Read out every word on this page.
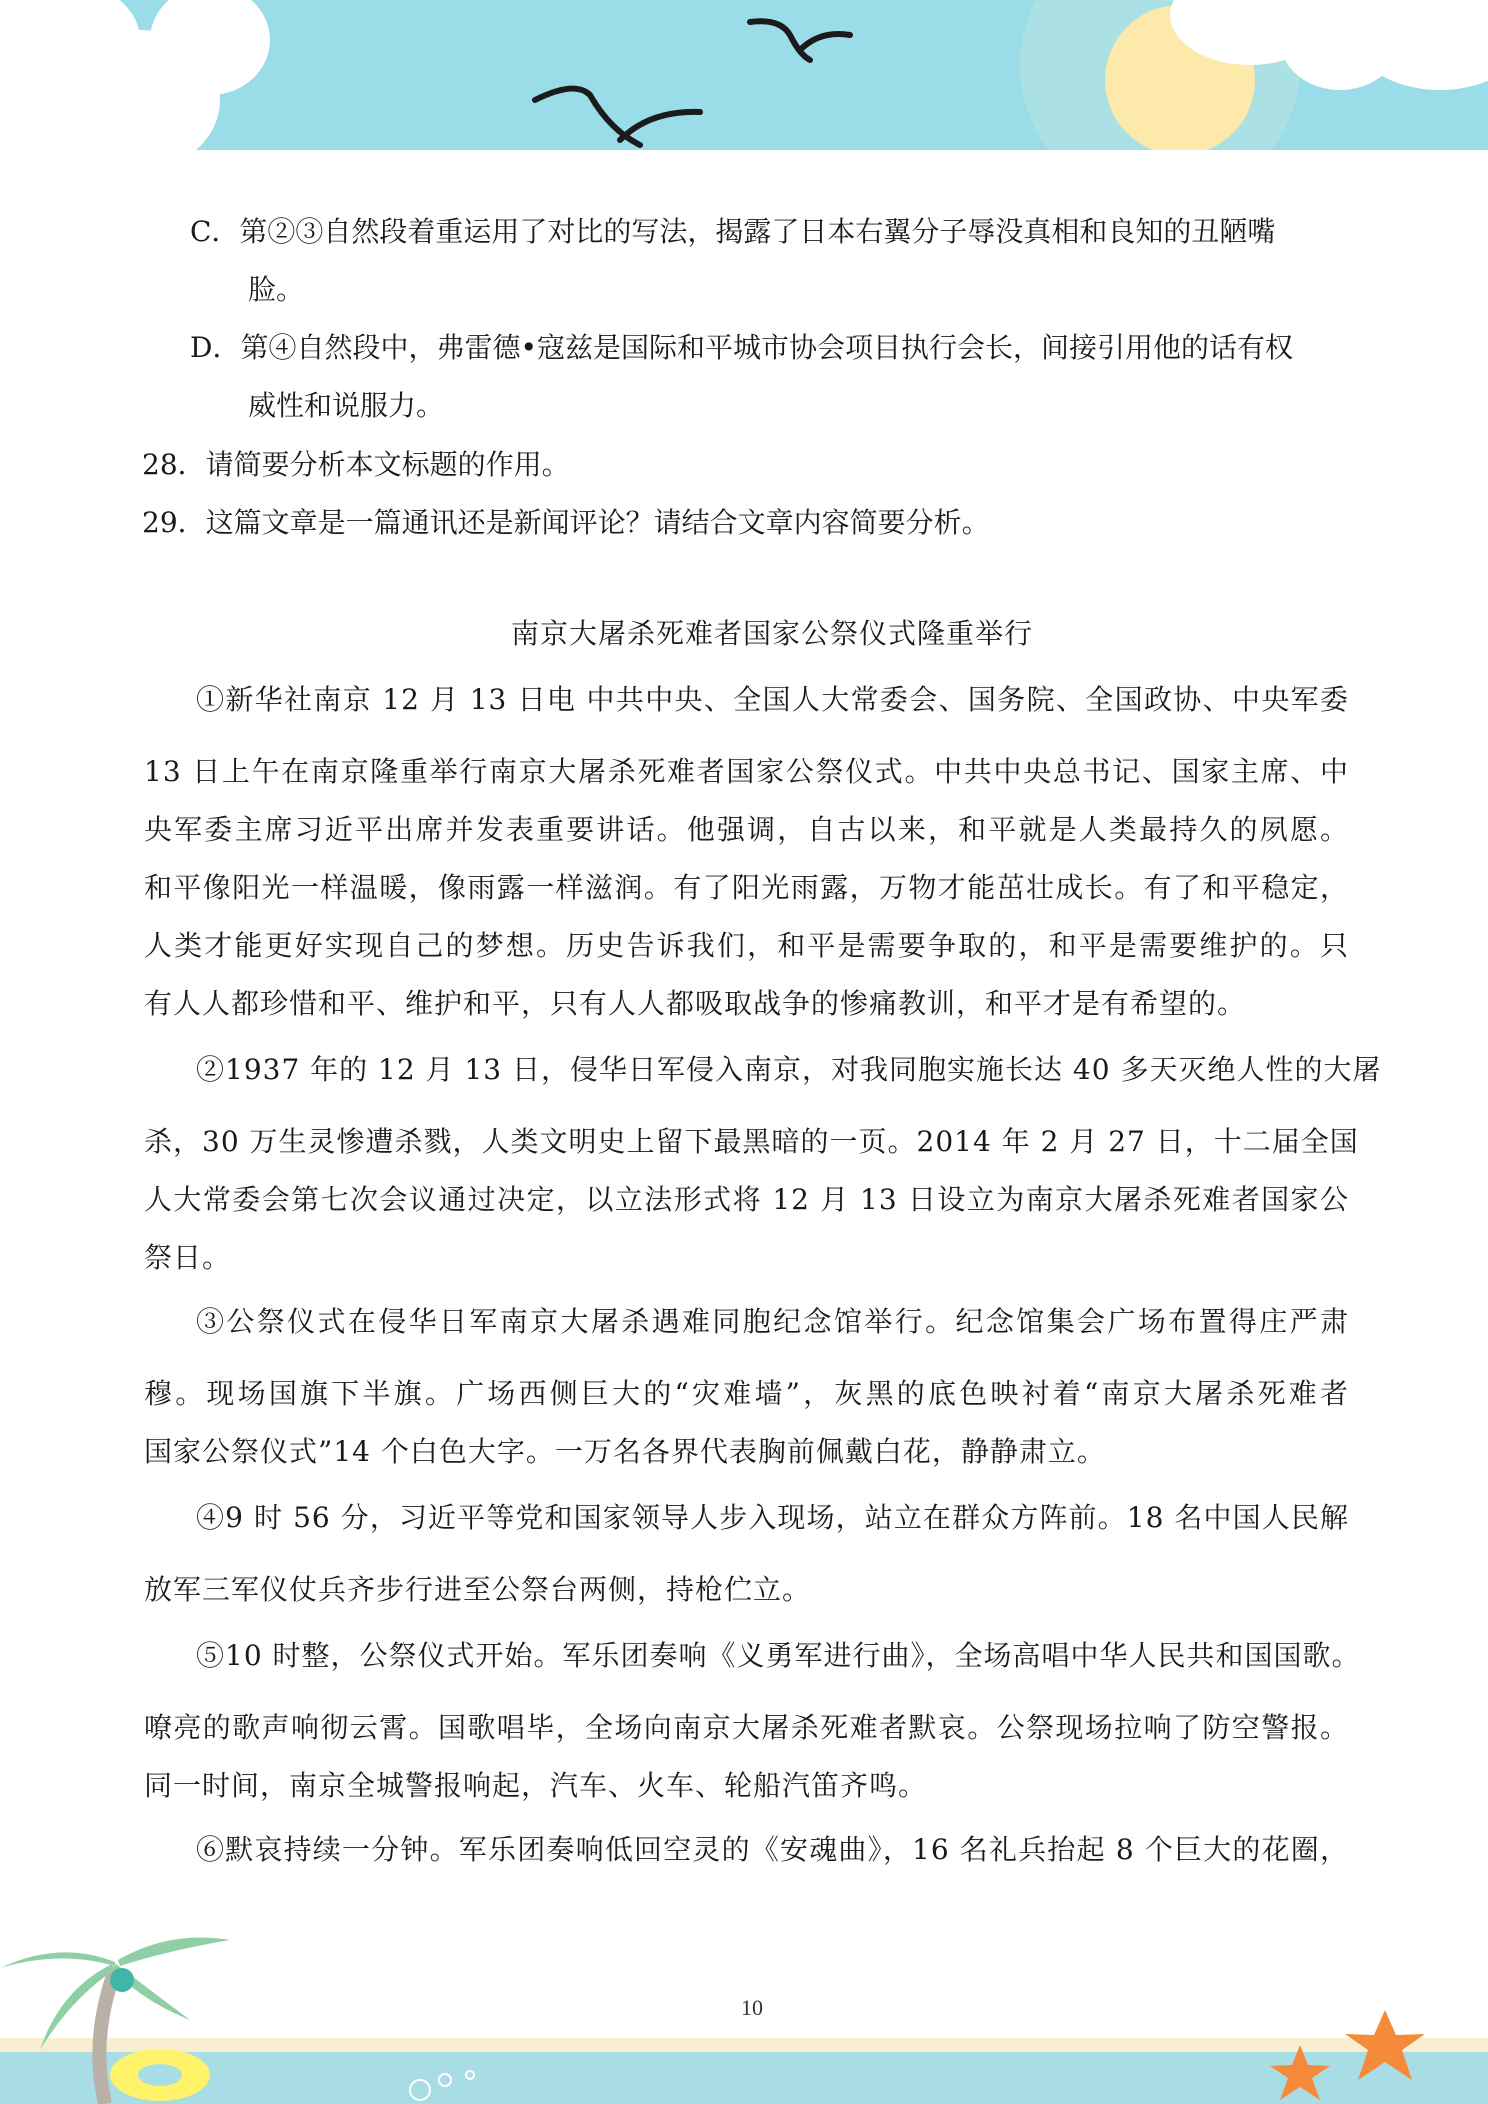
C．第②③自然段着重运用了对比的写法，揭露了日本右翼分子辱没真相和良知的丑陋嘴
脸。
D．第④自然段中，弗雷德•寇兹是国际和平城市协会项目执行会长，间接引用他的话有权
威性和说服力。
28．请简要分析本文标题的作用。
29．这篇文章是一篇通讯还是新闻评论？请结合文章内容简要分析。
南京大屠杀死难者国家公祭仪式隆重举行
①新华社南京 12 月 13 日电 中共中央、全国人大常委会、国务院、全国政协、中央军委
13 日上午在南京隆重举行南京大屠杀死难者国家公祭仪式。中共中央总书记、国家主席、中
央军委主席习近平出席并发表重要讲话。他强调，自古以来，和平就是人类最持久的夙愿。
和平像阳光一样温暖，像雨露一样滋润。有了阳光雨露，万物才能茁壮成长。有了和平稳定，
人类才能更好实现自己的梦想。历史告诉我们，和平是需要争取的，和平是需要维护的。只
有人人都珍惜和平、维护和平，只有人人都吸取战争的惨痛教训，和平才是有希望的。
②1937 年的 12 月 13 日，侵华日军侵入南京，对我同胞实施长达 40 多天灭绝人性的大屠
杀，30 万生灵惨遭杀戮，人类文明史上留下最黑暗的一页。2014 年 2 月 27 日，十二届全国
人大常委会第七次会议通过决定，以立法形式将 12 月 13 日设立为南京大屠杀死难者国家公
祭日。
③公祭仪式在侵华日军南京大屠杀遇难同胞纪念馆举行。纪念馆集会广场布置得庄严肃
穆。现场国旗下半旗。广场西侧巨大的“灾难墙”，灰黑的底色映衬着“南京大屠杀死难者
国家公祭仪式”14 个白色大字。一万名各界代表胸前佩戴白花，静静肃立。
④9 时 56 分，习近平等党和国家领导人步入现场，站立在群众方阵前。18 名中国人民解
放军三军仪仗兵齐步行进至公祭台两侧，持枪伫立。
⑤10 时整，公祭仪式开始。军乐团奏响《义勇军进行曲》，全场高唱中华人民共和国国歌。
嘹亮的歌声响彻云霄。国歌唱毕，全场向南京大屠杀死难者默哀。公祭现场拉响了防空警报。
同一时间，南京全城警报响起，汽车、火车、轮船汽笛齐鸣。
⑥默哀持续一分钟。军乐团奏响低回空灵的《安魂曲》，16 名礼兵抬起 8 个巨大的花圈，
10
